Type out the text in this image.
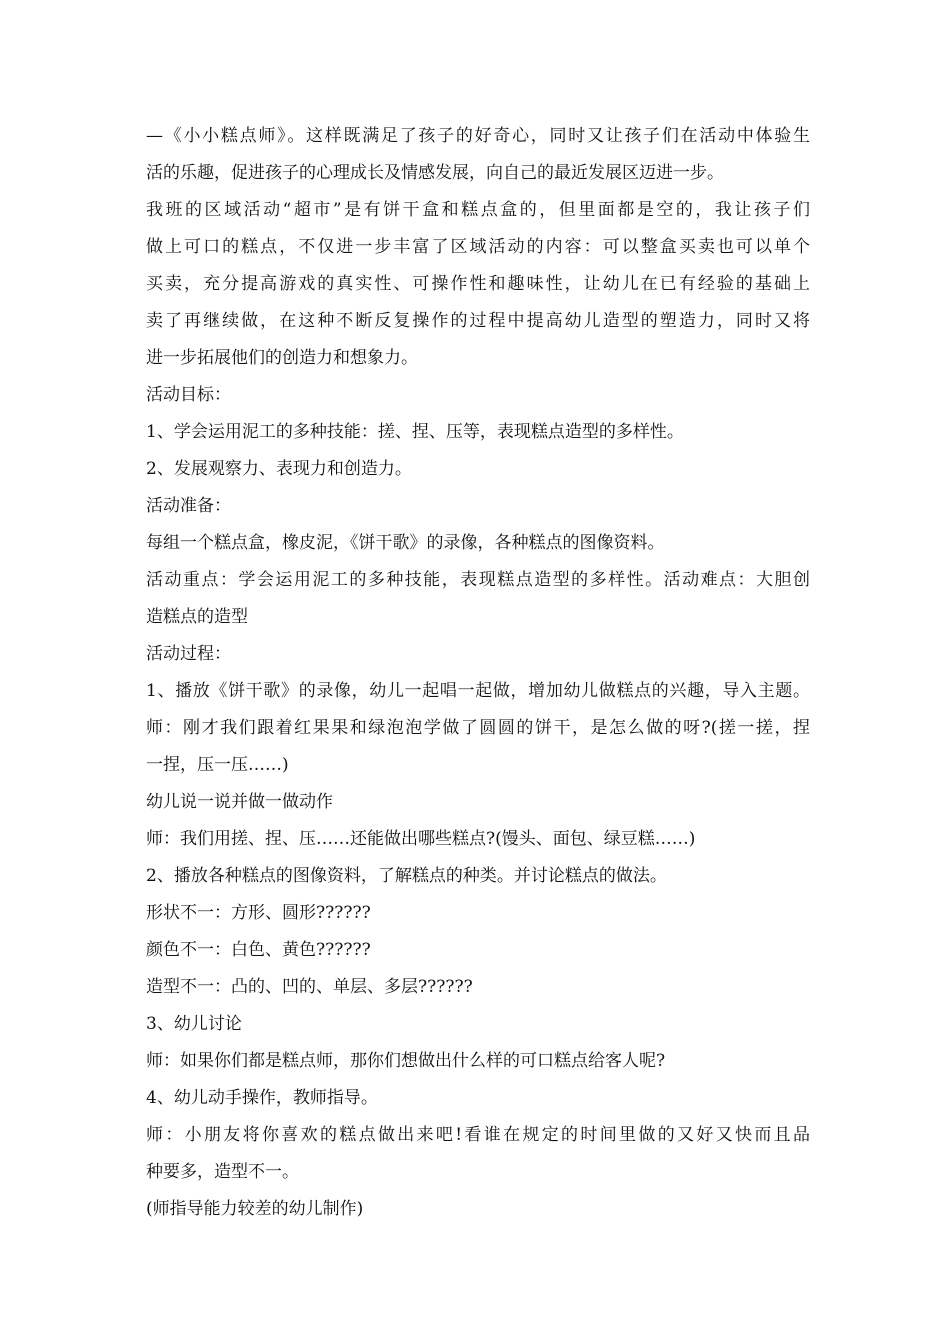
—《小小糕点师》。这样既满足了孩子的好奇心，同时又让孩子们在活动中体验生
活的乐趣，促进孩子的心理成长及情感发展，向自己的最近发展区迈进一步。
我班的区域活动“超市”是有饼干盒和糕点盒的，但里面都是空的，我让孩子们
做上可口的糕点，不仅进一步丰富了区域活动的内容：可以整盒买卖也可以单个
买卖，充分提高游戏的真实性、可操作性和趣味性，让幼儿在已有经验的基础上
卖了再继续做，在这种不断反复操作的过程中提高幼儿造型的塑造力，同时又将
进一步拓展他们的创造力和想象力。
活动目标：
1、学会运用泥工的多种技能：搓、捏、压等，表现糕点造型的多样性。
2、发展观察力、表现力和创造力。
活动准备：
每组一个糕点盒，橡皮泥，《饼干歌》的录像，各种糕点的图像资料。
活动重点：学会运用泥工的多种技能，表现糕点造型的多样性。活动难点：大胆创
造糕点的造型
活动过程：
1、播放《饼干歌》的录像，幼儿一起唱一起做，增加幼儿做糕点的兴趣，导入主题。
师：刚才我们跟着红果果和绿泡泡学做了圆圆的饼干，是怎么做的呀?(搓一搓，捏
一捏，压一压……)
幼儿说一说并做一做动作
师：我们用搓、捏、压……还能做出哪些糕点?(馒头、面包、绿豆糕……)
2、播放各种糕点的图像资料，了解糕点的种类。并讨论糕点的做法。
形状不一：方形、圆形??????
颜色不一：白色、黄色??????
造型不一：凸的、凹的、单层、多层??????
3、幼儿讨论
师：如果你们都是糕点师，那你们想做出什么样的可口糕点给客人呢?
4、幼儿动手操作，教师指导。
师：小朋友将你喜欢的糕点做出来吧!看谁在规定的时间里做的又好又快而且品
种要多，造型不一。
(师指导能力较差的幼儿制作)
